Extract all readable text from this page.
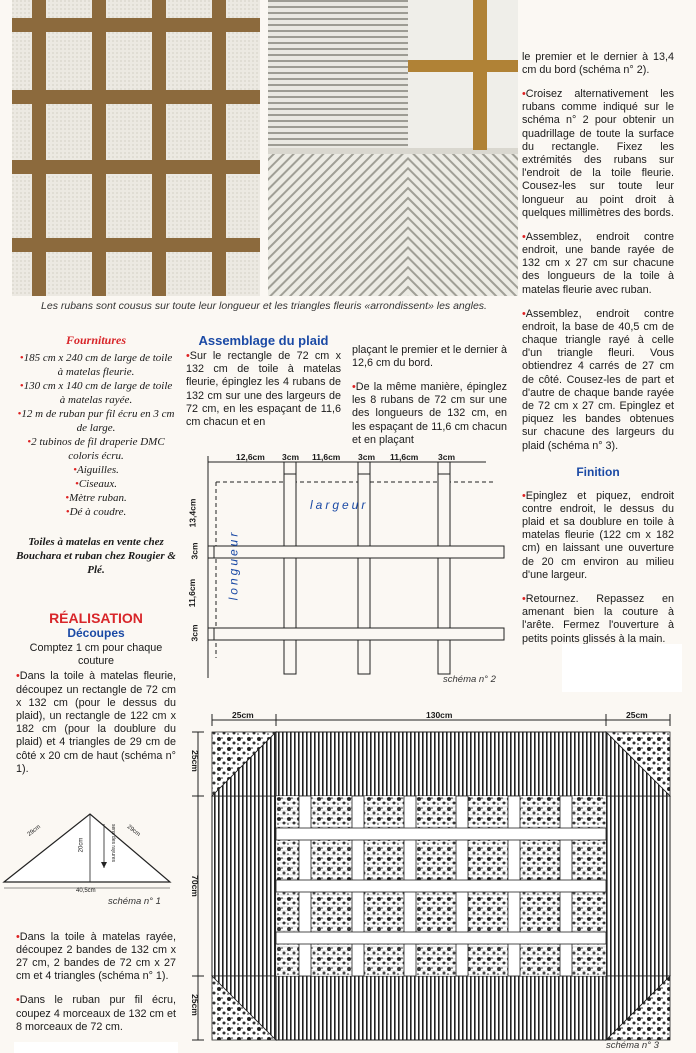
Les rubans sont cousus sur toute leur longueur et les triangles fleuris «arrondissent» les angles.
Fournitures
•185 cm x 240 cm de large de toile à matelas fleurie.
•130 cm x 140 cm de large de toile à matelas rayée.
•12 m de ruban pur fil écru en 3 cm de large.
•2 tubinos de fil draperie DMC coloris écru.
•Aiguilles.
•Ciseaux.
•Mètre ruban.
•Dé à coudre.
Toiles à matelas en vente chez Bouchara et ruban chez Rougier & Plé.
RÉALISATION
Découpes
Comptez 1 cm pour chaque couture

•Dans la toile à matelas fleurie, découpez un rectangle de 72 cm x 132 cm (pour le dessus du plaid), un rectangle de 122 cm x 182 cm (pour la doublure du plaid) et 4 triangles de 29 cm de côté x 20 cm de haut (schéma n° 1).

29cm	29cm
20cm
40,5cm
sens des rayures
schéma n° 1

•Dans la toile à matelas rayée, découpez 2 bandes de 132 cm x 27 cm, 2 bandes de 72 cm x 27 cm et 4 triangles (schéma n° 1).

•Dans le ruban pur fil écru, coupez 4 morceaux de 132 cm et 8 morceaux de 72 cm.

Assemblage du plaid

•Sur le rectangle de 72 cm x 132 cm de toile à matelas fleurie, épinglez les 4 rubans de 132 cm sur une des largeurs de 72 cm, en les espaçant de 11,6 cm chacun et en

plaçant le premier et le dernier à 12,6 cm du bord.

•De la même manière, épinglez les 8 rubans de 72 cm sur une des longueurs de 132 cm, en les espaçant de 11,6 cm chacun et en plaçant

le premier et le dernier à 13,4 cm du bord (schéma n° 2).

•Croisez alternativement les rubans comme indiqué sur le schéma n° 2 pour obtenir un quadrillage de toute la surface du rectangle. Fixez les extrémités des rubans sur l'endroit de la toile fleurie. Cousez-les sur toute leur longueur au point droit à quelques millimètres des bords.

•Assemblez, endroit contre endroit, une bande rayée de 132 cm x 27 cm sur chacune des longueurs de la toile à matelas fleurie avec ruban.

•Assemblez, endroit contre endroit, la base de 40,5 cm de chaque triangle rayé à celle d'un triangle fleuri. Vous obtiendrez 4 carrés de 27 cm de côté. Cousez-les de part et d'autre de chaque bande rayée de 72 cm x 27 cm. Epinglez et piquez les bandes obtenues sur chacune des largeurs du plaid (schéma n° 3).

Finition

•Epinglez et piquez, endroit contre endroit, le dessus du plaid et sa doublure en toile à matelas fleurie (122 cm x 182 cm) en laissant une ouverture de 20 cm environ au milieu d'une largeur.

•Retournez. Repassez en amenant bien la couture à l'arête. Fermez l'ouverture à petits points glissés à la main.

12,6cm 3cm 11,6cm 3cm 11,6cm 3cm
13,4cm
3cm
11,6cm
3cm
largeur
longueur
schéma n° 2
25cm	130cm	25cm
25cm
70cm
25cm
schéma n° 3
